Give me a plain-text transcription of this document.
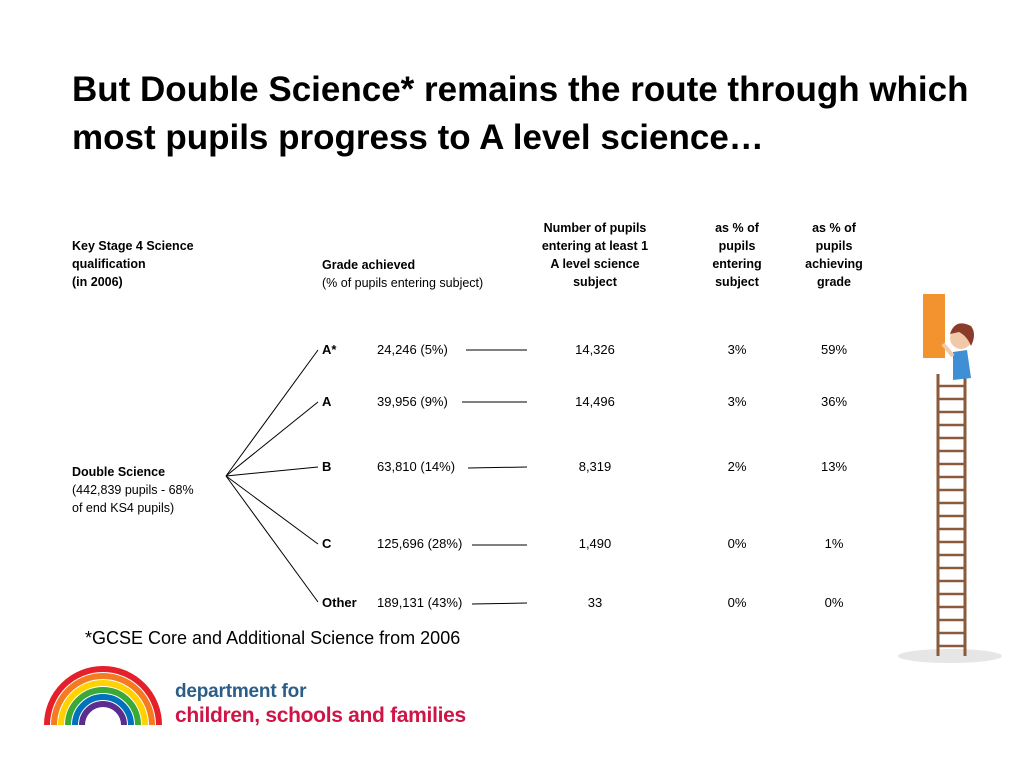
But Double Science* remains the route through which most pupils progress to A level science…
Key Stage 4 Science
qualification
(in 2006)
Grade achieved
(% of pupils entering subject)
Number of pupils
entering at least 1
A level science
subject
as % of
pupils
entering
subject
as % of
pupils
achieving
grade
Double Science
(442,839 pupils - 68%
of end KS4 pupils)
A*	24,246 (5%)	14,326	3%	59%
A	39,956 (9%)	14,496	3%	36%
B	63,810 (14%)	8,319	2%	13%
C	125,696 (28%)	1,490	0%	1%
Other 189,131 (43%)	33	0%	0%
*GCSE Core and Additional Science from 2006
department for
children, schools and families
